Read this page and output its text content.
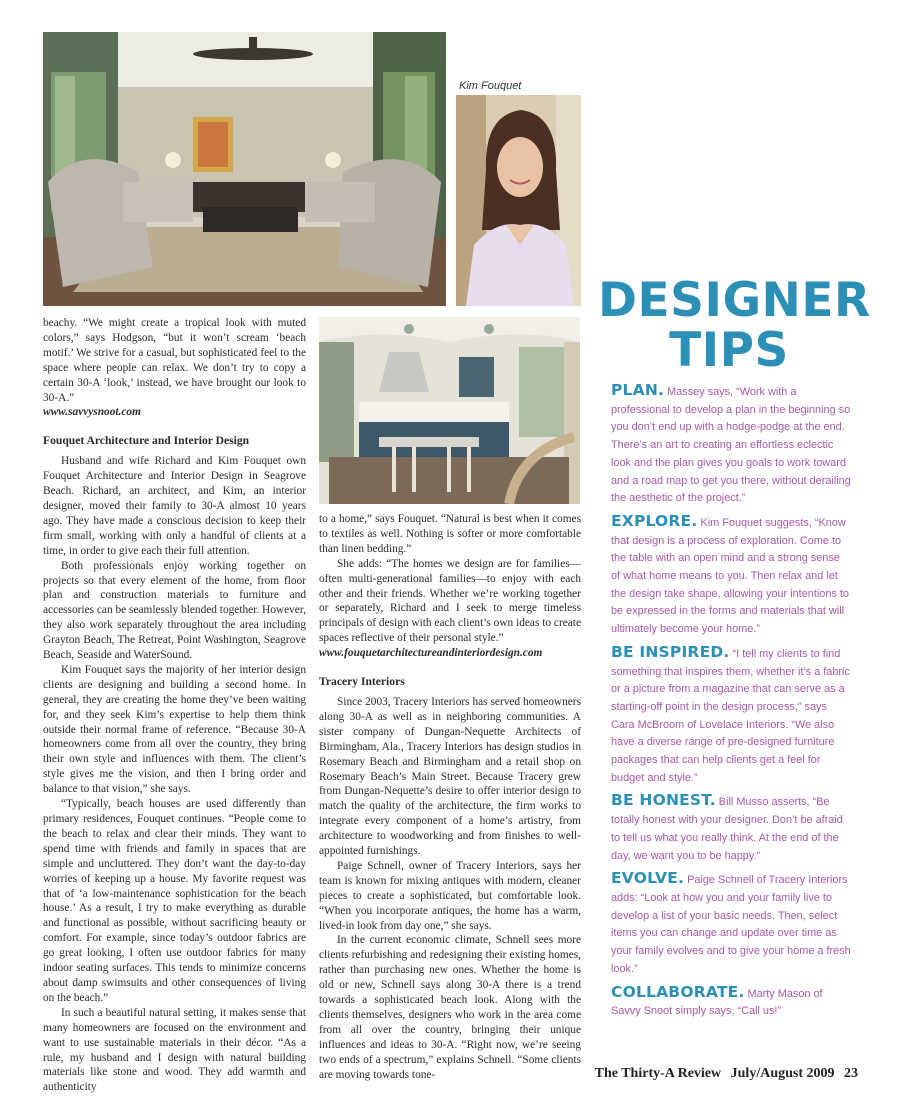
Kim Fouquet

beachy. “We might create a tropical look with muted colors,” says Hodgson, “but it won’t scream ‘beach motif.’ We strive for a casual, but sophisticated feel to the space where people can relax. We don’t try to copy a certain 30-A ‘look,’ instead, we have brought our look to 30-A.”

www.savvysnoot.com

Fouquet Architecture and Interior Design

Husband and wife Richard and Kim Fouquet own Fouquet Architecture and Interior Design in Seagrove Beach. Richard, an architect, and Kim, an interior designer, moved their family to 30-A almost 10 years ago. They have made a conscious decision to keep their firm small, working with only a handful of clients at a time, in order to give each their full attention.

Both professionals enjoy working together on projects so that every element of the home, from floor plan and construction materials to furniture and accessories can be seamlessly blended together. However, they also work separately throughout the area including Grayton Beach, The Retreat, Point Washington, Seagrove Beach, Seaside and WaterSound.

Kim Fouquet says the majority of her interior design clients are designing and building a second home. In general, they are creating the home they’ve been waiting for, and they seek Kim’s expertise to help them think outside their normal frame of reference. “Because 30-A homeowners come from all over the country, they bring their own style and influences with them. The client’s style gives me the vision, and then I bring order and balance to that vision,” she says.

“Typically, beach houses are used differently than primary residences, Fouquet continues. “People come to the beach to relax and clear their minds. They want to spend time with friends and family in spaces that are simple and uncluttered. They don’t want the day-to-day worries of keeping up a house. My favorite request was that of ‘a low-maintenance sophistication for the beach house.’ As a result, I try to make everything as durable and functional as possible, without sacrificing beauty or comfort. For example, since today’s outdoor fabrics are go great looking, I often use outdoor fabrics for many indoor seating surfaces. This tends to minimize concerns about damp swimsuits and other consequences of living on the beach.”

In such a beautiful natural setting, it makes sense that many homeowners are focused on the environment and want to use sustainable materials in their décor. “As a rule, my husband and I design with natural building materials like stone and wood. They add warmth and authenticity

to a home,” says Fouquet. “Natural is best when it comes to textiles as well. Nothing is softer or more comfortable than linen bedding.”

She adds: “The homes we design are for families—often multi-generational families—to enjoy with each other and their friends. Whether we’re working together or separately, Richard and I seek to merge timeless principals of design with each client’s own ideas to create spaces reflective of their personal style.”

www.fouquetarchitectureandinteriordesign.com

Tracery Interiors

Since 2003, Tracery Interiors has served homeowners along 30-A as well as in neighboring communities. A sister company of Dungan-Nequette Architects of Birmingham, Ala., Tracery Interiors has design studios in Rosemary Beach and Birmingham and a retail shop on Rosemary Beach’s Main Street. Because Tracery grew from Dungan-Nequette’s desire to offer interior design to match the quality of the architecture, the firm works to integrate every component of a home’s artistry, from architecture to woodworking and from finishes to well-appointed furnishings.

Paige Schnell, owner of Tracery Interiors, says her team is known for mixing antiques with modern, cleaner pieces to create a sophisticated, but comfortable look. “When you incorporate antiques, the home has a warm, lived-in look from day one,” she says.

In the current economic climate, Schnell sees more clients refurbishing and redesigning their existing homes, rather than purchasing new ones. Whether the home is old or new, Schnell says along 30-A there is a trend towards a sophisticated beach look. Along with the clients themselves, designers who work in the area come from all over the country, bringing their unique influences and ideas to 30-A. “Right now, we’re seeing two ends of a spectrum,” explains Schnell. “Some clients are moving towards tone-

DESIGNER
TIPS

PLAN. Massey says, “Work with a professional to develop a plan in the beginning so you don’t end up with a hodge-podge at the end. There’s an art to creating an effortless eclectic look and the plan gives you goals to work toward and a road map to get you there, without derailing the aesthetic of the project.”

EXPLORE. Kim Fouquet suggests, “Know that design is a process of exploration. Come to the table with an open mind and a strong sense of what home means to you. Then relax and let the design take shape, allowing your intentions to be expressed in the forms and materials that will ultimately become your home.”

BE INSPIRED. “I tell my clients to find something that inspires them, whether it’s a fabric or a picture from a magazine that can serve as a starting-off point in the design process,” says Cara McBroom of Lovelace Interiors. “We also have a diverse range of pre-designed furniture packages that can help clients get a feel for budget and style.”

BE HONEST. Bill Musso asserts, “Be totally honest with your designer. Don’t be afraid to tell us what you really think. At the end of the day, we want you to be happy.”

EVOLVE. Paige Schnell of Tracery Interiors adds: “Look at how you and your family live to develop a list of your basic needs. Then, select items you can change and update over time as your family evolves and to give your home a fresh look.”

COLLABORATE. Marty Mason of Savvy Snoot simply says, “Call us!”

The Thirty-A Review July/August 2009 23
